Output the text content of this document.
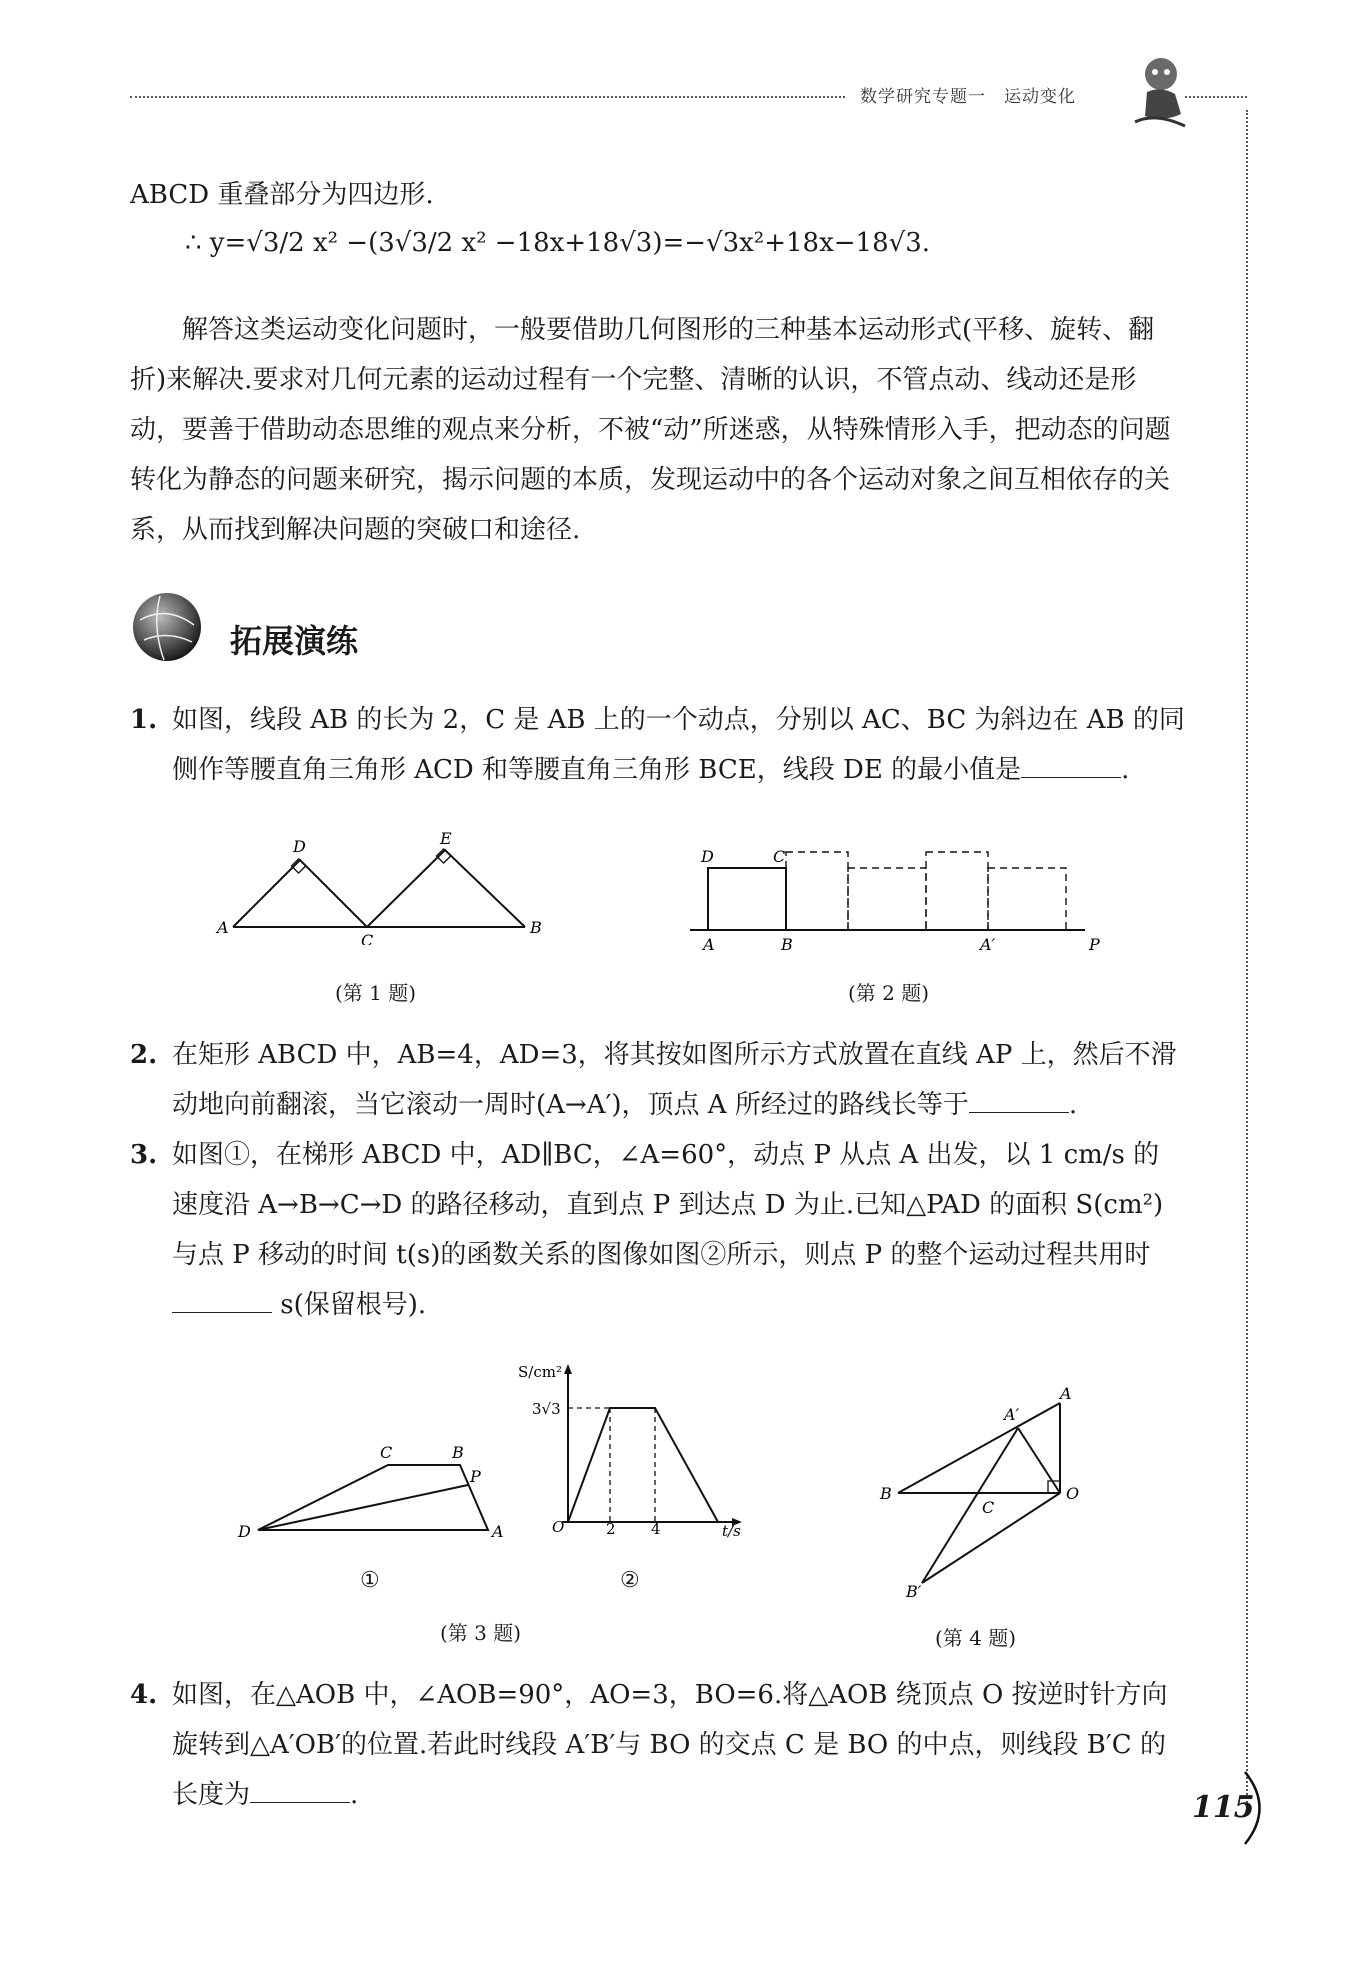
数学研究专题一　运动变化
ABCD 重叠部分为四边形.
∴ y=√3/2 x² −(3√3/2 x² −18x+18√3)=−√3x²+18x−18√3.
解答这类运动变化问题时，一般要借助几何图形的三种基本运动形式(平移、旋转、翻折)来解决.要求对几何元素的运动过程有一个完整、清晰的认识，不管点动、线动还是形动，要善于借助动态思维的观点来分析，不被“动”所迷惑，从特殊情形入手，把动态的问题转化为静态的问题来研究，揭示问题的本质，发现运动中的各个运动对象之间互相依存的关系，从而找到解决问题的突破口和途径.
拓展演练
1. 如图，线段 AB 的长为 2，C 是 AB 上的一个动点，分别以 AC、BC 为斜边在 AB 的同侧作等腰直角三角形 ACD 和等腰直角三角形 BCE，线段 DE 的最小值是	.
A
D
C
E
B
(第 1 题)
D	C
A	B	A′	P
(第 2 题)
2. 在矩形 ABCD 中，AB=4，AD=3，将其按如图所示方式放置在直线 AP 上，然后不滑动地向前翻滚，当它滚动一周时(A→A′)，顶点 A 所经过的路线长等于	.
3. 如图①，在梯形 ABCD 中，AD∥BC，∠A=60°，动点 P 从点 A 出发，以 1 cm/s 的速度沿 A→B→C→D 的路径移动，直到点 P 到达点 D 为止.已知△PAD 的面积 S(cm²)与点 P 移动的时间 t(s)的函数关系的图像如图②所示，则点 P 的整个运动过程共用时 s(保留根号).
D
C	B
P
A
①
S/cm²
3√3
O	2 4	t/s
②
(第 3 题)
B
A′
A
O
C
B′
(第 4 题)
4. 如图，在△AOB 中，∠AOB=90°，AO=3，BO=6.将△AOB 绕顶点 O 按逆时针方向旋转到△A′OB′的位置.若此时线段 A′B′与 BO 的交点 C 是 BO 的中点，则线段 B′C 的长度为	.	115
